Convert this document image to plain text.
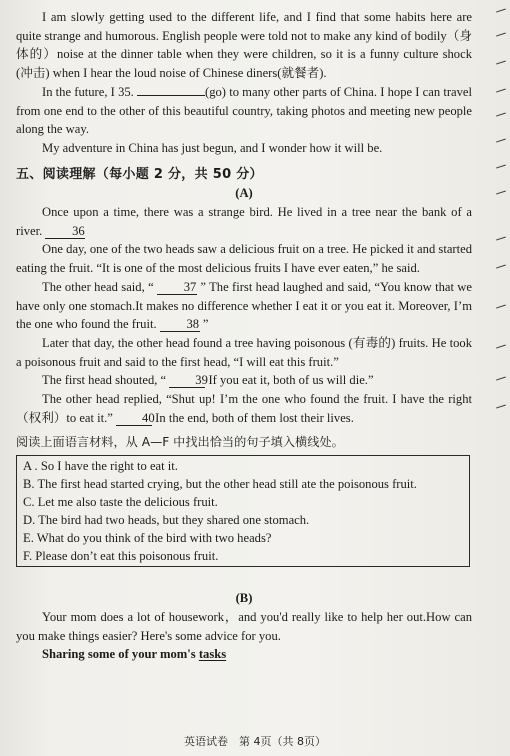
I am slowly getting used to the different life, and I find that some habits here are quite strange and humorous. English people were told not to make any kind of bodily（身体的）noise at the dinner table when they were children, so it is a funny culture shock (冲击) when I hear the loud noise of Chinese diners(就餐者).

In the future, I 35.	(go) to many other parts of China. I hope I can travel from one end to the other of this beautiful country, taking photos and meeting new people along the way.

My adventure in China has just begun, and I wonder how it will be.

五、阅读理解（每小题 2 分，共 50 分）

(A)

Once upon a time, there was a strange bird. He lived in a tree near the bank of a river. 36

One day, one of the two heads saw a delicious fruit on a tree. He picked it and started eating the fruit. “It is one of the most delicious fruits I have ever eaten,” he said.

The other head said, “ 37 ” The first head laughed and said, “You know that we have only one stomach.It makes no difference whether I eat it or you eat it. Moreover, I’m the one who found the fruit. 38 ”

Later that day, the other head found a tree having poisonous (有毒的) fruits. He took a poisonous fruit and said to the first head, “I will eat this fruit.”

The first head shouted, “ 39 If you eat it, both of us will die.”

The other head replied, “Shut up! I’m the one who found the fruit. I have the right（权利）to eat it.” 40 In the end, both of them lost their lives.

阅读上面语言材料，从 A—F 中找出恰当的句子填入横线处。

A . So I have the right to eat it.
B. The first head started crying, but the other head still ate the poisonous fruit.
C. Let me also taste the delicious fruit.
D. The bird had two heads, but they shared one stomach.
E. What do you think of the bird with two heads?
F. Please don’t eat this poisonous fruit.

(B)

Your mom does a lot of housework，and you'd really like to help her out.How can you make things easier? Here's some advice for you.

Sharing some of your mom's tasks

英语试卷　第 4页（共 8页）
